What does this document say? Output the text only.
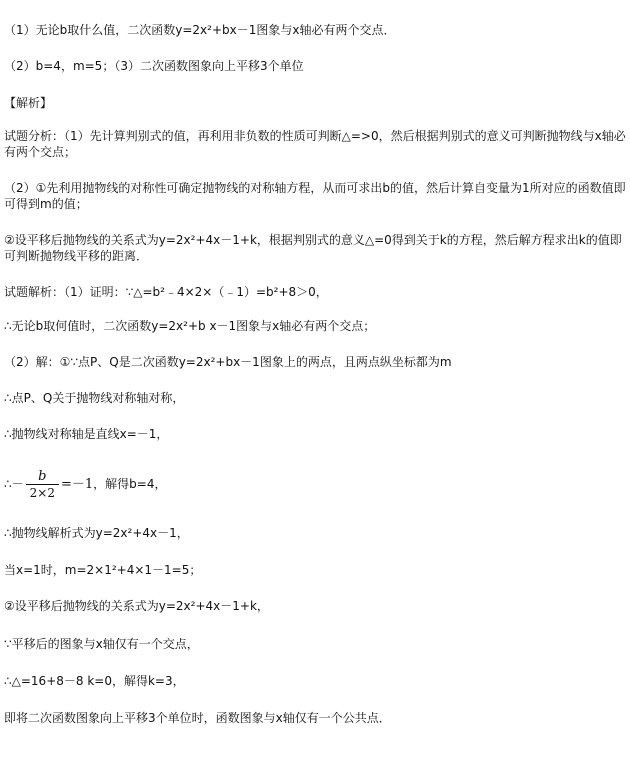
（1）无论b取什么值，二次函数y=2x²+bx－1图象与x轴必有两个交点．
（2）b=4，m=5；（3）二次函数图象向上平移3个单位
【解析】
试题分析：（1）先计算判别式的值，再利用非负数的性质可判断△=>0，然后根据判别式的意义可判断抛物线与x轴必有两个交点；
（2）①先利用抛物线的对称性可确定抛物线的对称轴方程，从而可求出b的值，然后计算自变量为1所对应的函数值即可得到m的值；
②设平移后抛物线的关系式为y=2x²+4x－1+k，根据判别式的意义△=0得到关于k的方程，然后解方程求出k的值即可判断抛物线平移的距离．
试题解析：（1）证明：∵△=b²﹣4×2×（﹣1）=b²+8＞0，
∴无论b取何值时，二次函数y=2x²+b x－1图象与x轴必有两个交点；
（2）解：①∵点P、Q是二次函数y=2x²+bx－1图象上的两点，且两点纵坐标都为m
∴点P、Q关于抛物线对称轴对称，
∴抛物线对称轴是直线x=－1，
∴－ $\frac{b}{2\times 2} =-1$，解得b=4，
∴抛物线解析式为y=2x²+4x－1，
当x=1时，m=2×1²+4×1－1=5；
②设平移后抛物线的关系式为y=2x²+4x－1+k，
∵平移后的图象与x轴仅有一个交点，
∴△=16+8－8 k=0，解得k=3，
即将二次函数图象向上平移3个单位时，函数图象与x轴仅有一个公共点．
